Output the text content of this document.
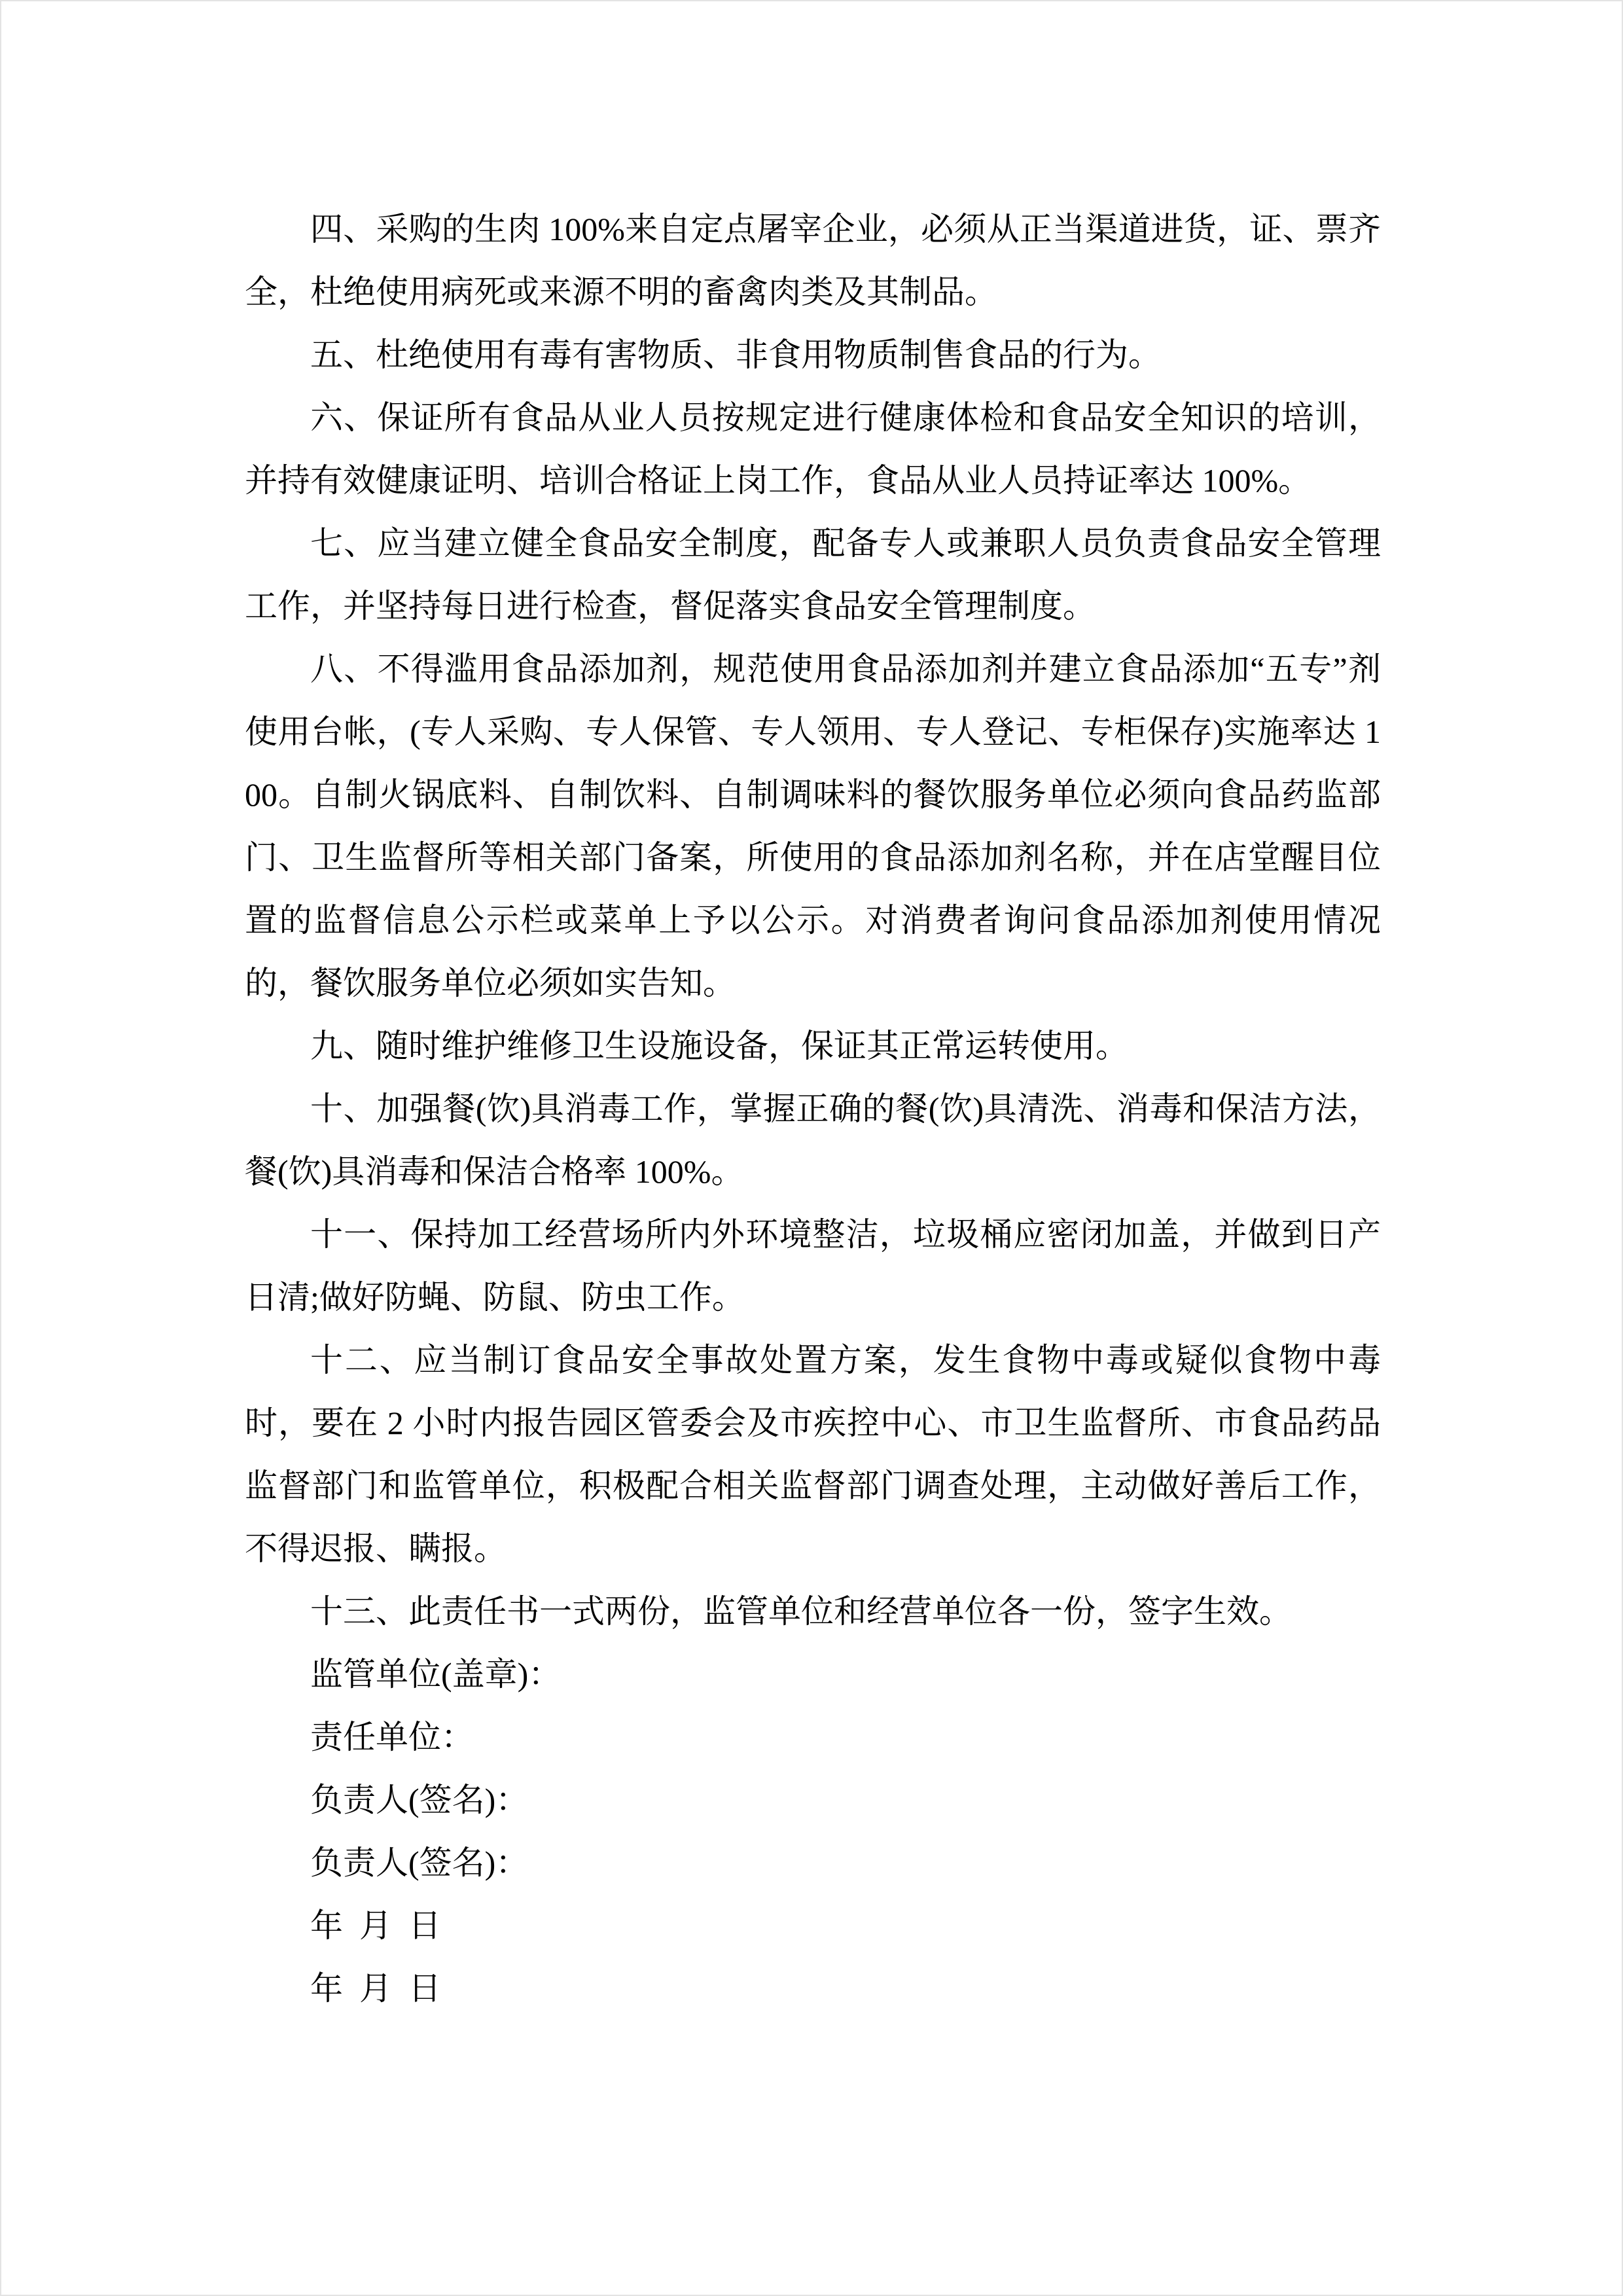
四、采购的生肉 100%来自定点屠宰企业，必须从正当渠道进货，证、票齐全，杜绝使用病死或来源不明的畜禽肉类及其制品。

五、杜绝使用有毒有害物质、非食用物质制售食品的行为。

六、保证所有食品从业人员按规定进行健康体检和食品安全知识的培训，并持有效健康证明、培训合格证上岗工作，食品从业人员持证率达 100%。

七、应当建立健全食品安全制度，配备专人或兼职人员负责食品安全管理工作，并坚持每日进行检查，督促落实食品安全管理制度。

八、不得滥用食品添加剂，规范使用食品添加剂并建立食品添加“五专”剂使用台帐，(专人采购、专人保管、专人领用、专人登记、专柜保存)实施率达 100。自制火锅底料、自制饮料、自制调味料的餐饮服务单位必须向食品药监部门、卫生监督所等相关部门备案，所使用的食品添加剂名称，并在店堂醒目位置的监督信息公示栏或菜单上予以公示。对消费者询问食品添加剂使用情况的，餐饮服务单位必须如实告知。

九、随时维护维修卫生设施设备，保证其正常运转使用。

十、加强餐(饮)具消毒工作，掌握正确的餐(饮)具清洗、消毒和保洁方法，餐(饮)具消毒和保洁合格率 100%。

十一、保持加工经营场所内外环境整洁，垃圾桶应密闭加盖，并做到日产日清;做好防蝇、防鼠、防虫工作。

十二、应当制订食品安全事故处置方案，发生食物中毒或疑似食物中毒时，要在 2 小时内报告园区管委会及市疾控中心、市卫生监督所、市食品药品监督部门和监管单位，积极配合相关监督部门调查处理，主动做好善后工作，不得迟报、瞒报。

十三、此责任书一式两份，监管单位和经营单位各一份，签字生效。

监管单位(盖章)：

责任单位：

负责人(签名)：

负责人(签名)：

年  月  日

年  月  日
